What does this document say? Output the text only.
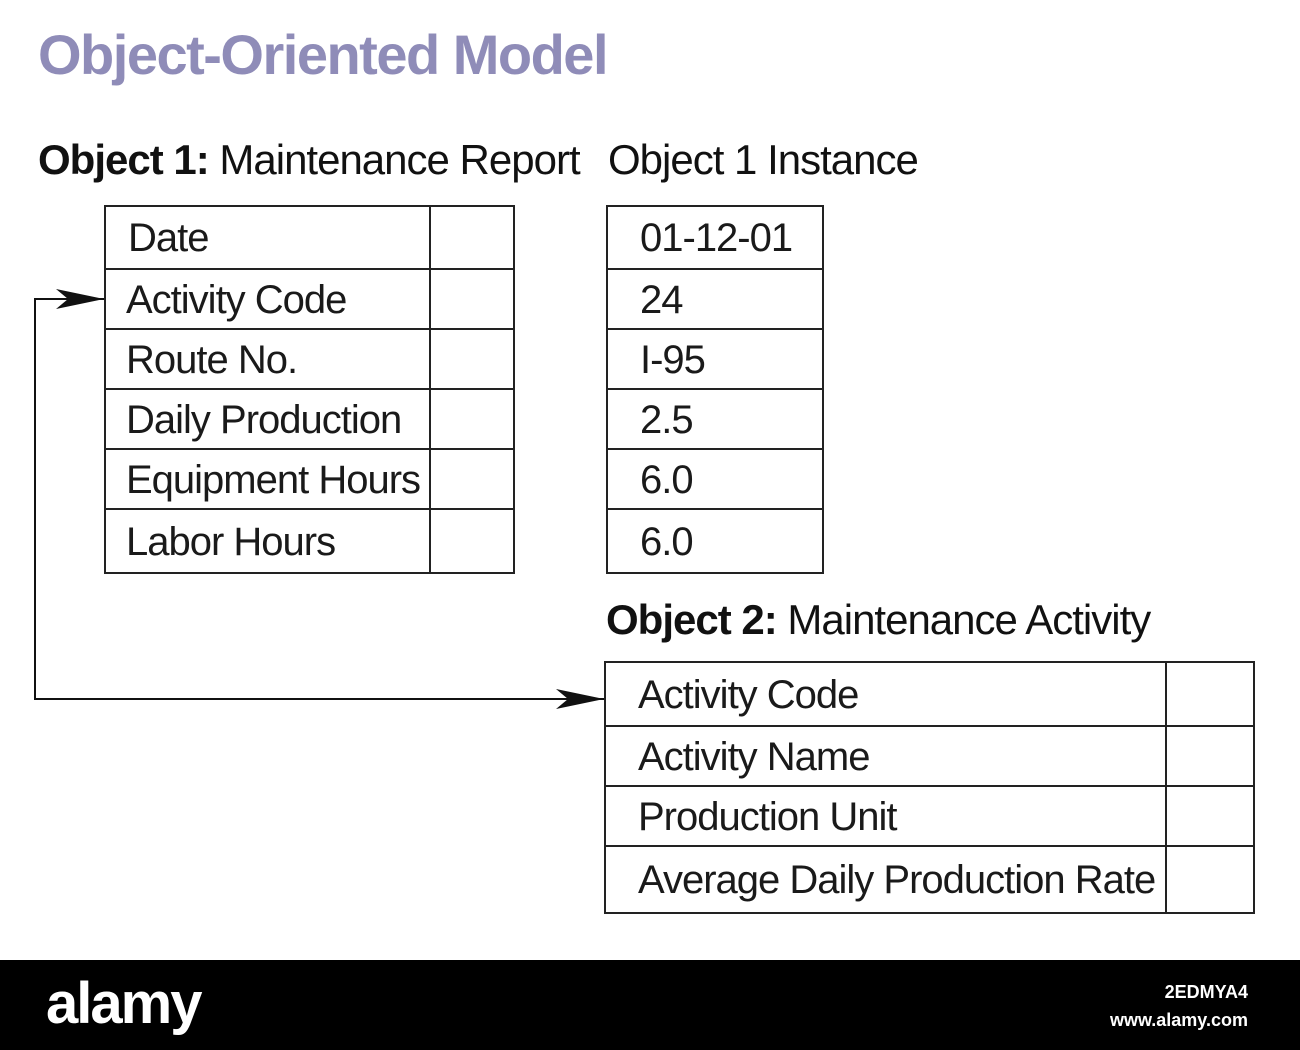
Object-Oriented Model
Object 1: Maintenance Report
Date
Activity Code
Route No.
Daily Production
Equipment Hours
Labor Hours
Object 1 Instance
01-12-01
24
I-95
2.5
6.0
6.0
Object 2: Maintenance Activity
Activity Code
Activity Name
Production Unit
Average Daily Production Rate
alamy	2EDMYA4
www.alamy.com
